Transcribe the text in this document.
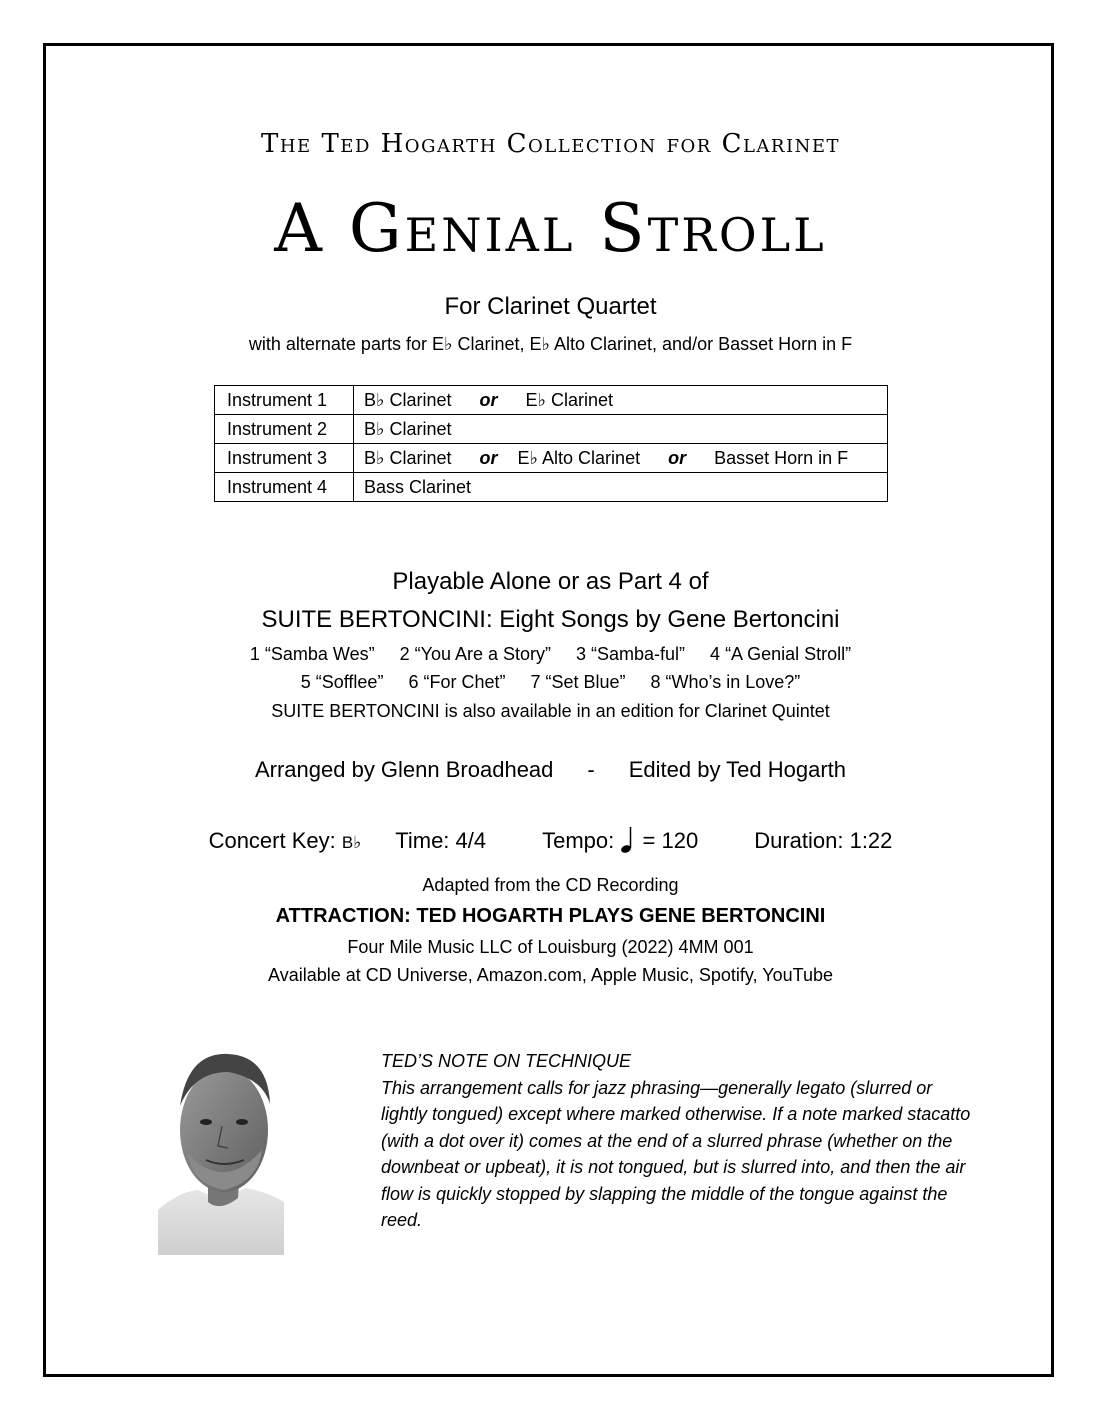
The Ted Hogarth Collection for Clarinet
A Genial Stroll
For Clarinet Quartet
with alternate parts for E♭ Clarinet, E♭ Alto Clarinet, and/or Basset Horn in F
Instrument 1	B♭ Clarinet or E♭ Clarinet
Instrument 2	B♭ Clarinet
Instrument 3	B♭ Clarinet or E♭ Alto Clarinet or Basset Horn in F
Instrument 4	Bass Clarinet
Playable Alone or as Part 4 of
SUITE BERTONCINI: Eight Songs by Gene Bertoncini
1 “Samba Wes”     2 “You Are a Story”     3 “Samba-ful”     4 “A Genial Stroll”
5 “Sofflee”     6 “For Chet”     7 “Set Blue”     8 “Who’s in Love?”
SUITE BERTONCINI is also available in an edition for Clarinet Quintet
Arranged by Glenn Broadhead - Edited by Ted Hogarth
Concert Key: B♭ Time: 4/4	Tempo: = 120	Duration: 1:22
Adapted from the CD Recording
ATTRACTION: TED HOGARTH PLAYS GENE BERTONCINI
Four Mile Music LLC of Louisburg (2022) 4MM 001
Available at CD Universe, Amazon.com, Apple Music, Spotify, YouTube

TED’S NOTE ON TECHNIQUE

This arrangement calls for jazz phrasing—generally legato (slurred or lightly tongued) except where marked otherwise. If a note marked stacatto (with a dot over it) comes at the end of a slurred phrase (whether on the downbeat or upbeat), it is not tongued, but is slurred into, and then the air flow is quickly stopped by slapping the middle of the tongue against the reed.
